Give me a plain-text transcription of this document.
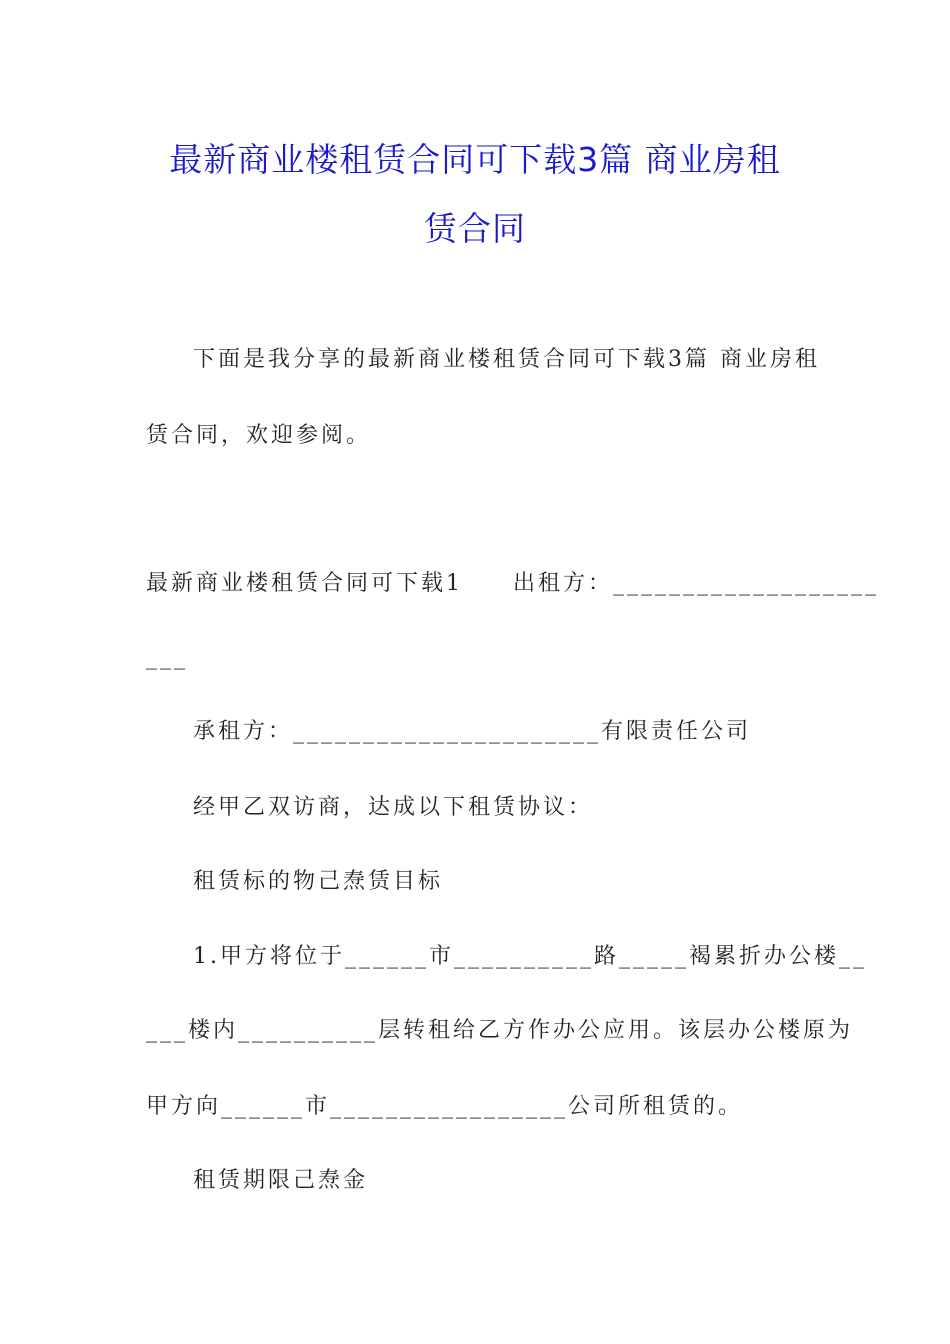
最新商业楼租赁合同可下载3篇 商业房租
赁合同
下面是我分享的最新商业楼租赁合同可下载3篇 商业房租
赁合同，欢迎参阅。
最新商业楼租赁合同可下载1　　出租方：___________________
___
承租方：______________________有限责任公司
经甲乙双访商，达成以下租赁协议：
租赁标的物己焘赁目标
1.甲方将位于______市__________路_____褐累折办公楼__
___楼内__________层转租给乙方作办公应用。该层办公楼原为
甲方向______市_________________公司所租赁的。
租赁期限己焘金
